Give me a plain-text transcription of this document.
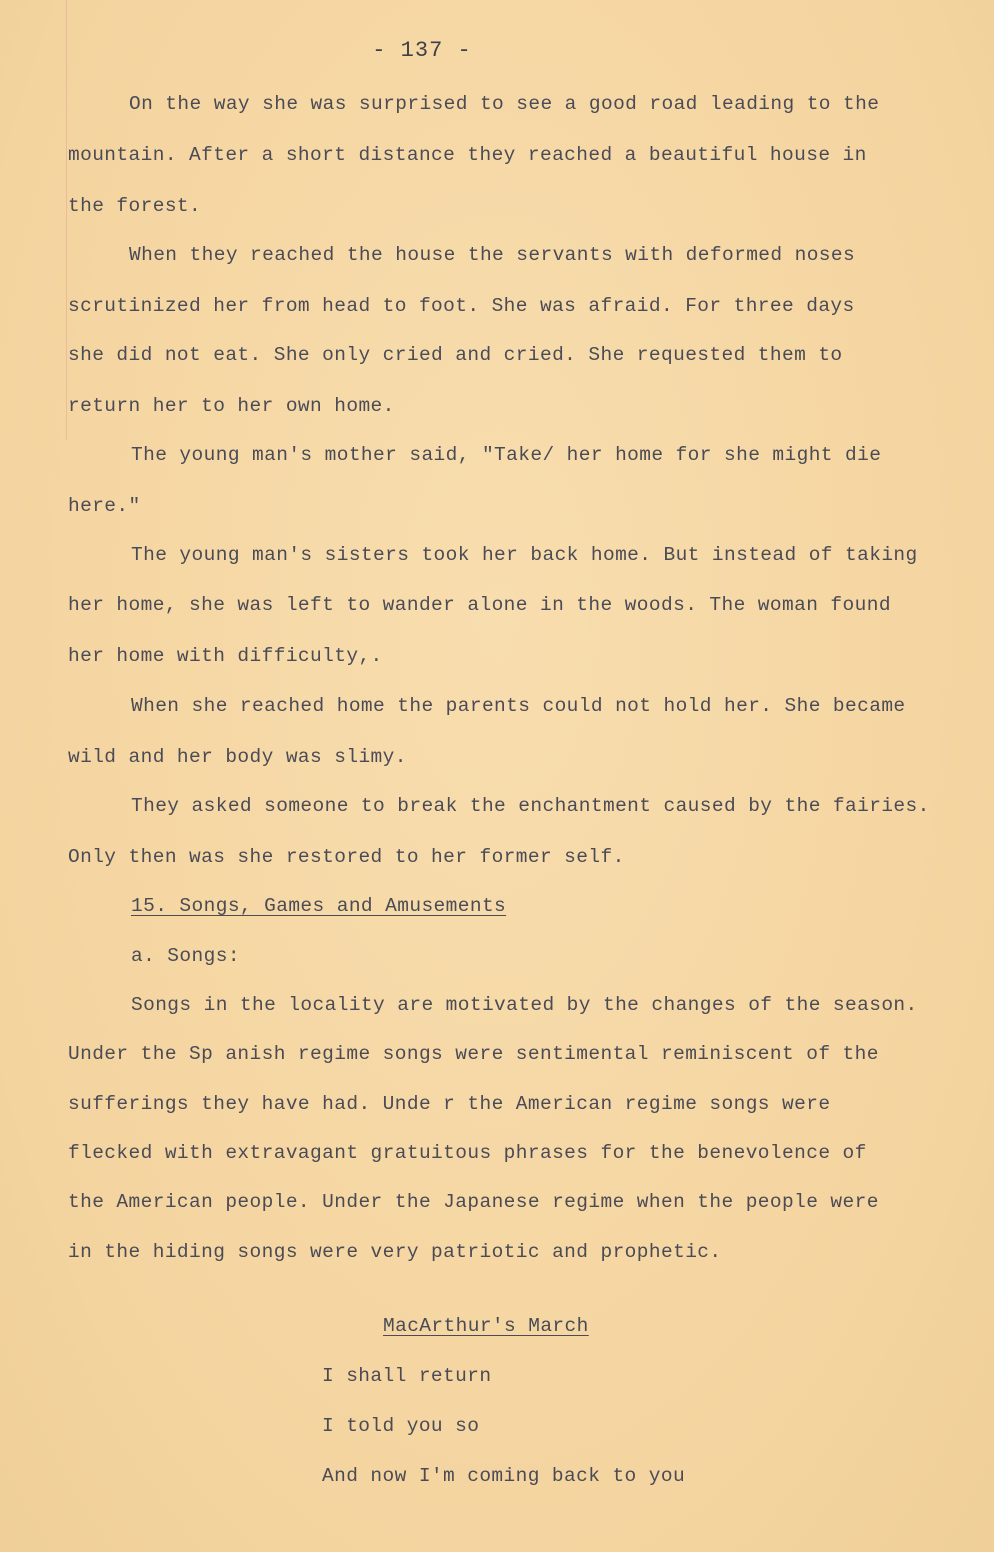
- 137 -
On the way she was surprised to see a good road leading to the
mountain. After a short distance they reached a beautiful house in
the forest.
When they reached the house the servants with deformed noses
scrutinized her from head to foot. She was afraid. For three days
she did not eat. She only cried and cried. She requested them to
return her to her own home.
The young man's mother said, "Take/ her home for she might die
here."
The young man's sisters took her back home. But instead of taking
her home, she was left to wander alone in the woods. The woman found
her home with difficulty,.
When she reached home the parents could not hold her. She became
wild and her body was slimy.
They asked someone to break the enchantment caused by the fairies.
Only then was she restored to her former self.
15. Songs, Games and Amusements
a. Songs:
Songs in the locality are motivated by the changes of the season.
Under the Sp anish regime songs were sentimental reminiscent of the
sufferings they have had. Unde r the American regime songs were
flecked with extravagant gratuitous phrases for the benevolence of
the American people. Under the Japanese regime when the people were
in the hiding songs were very patriotic and prophetic.
MacArthur's March
I shall return
I told you so
And now I'm coming back to you
